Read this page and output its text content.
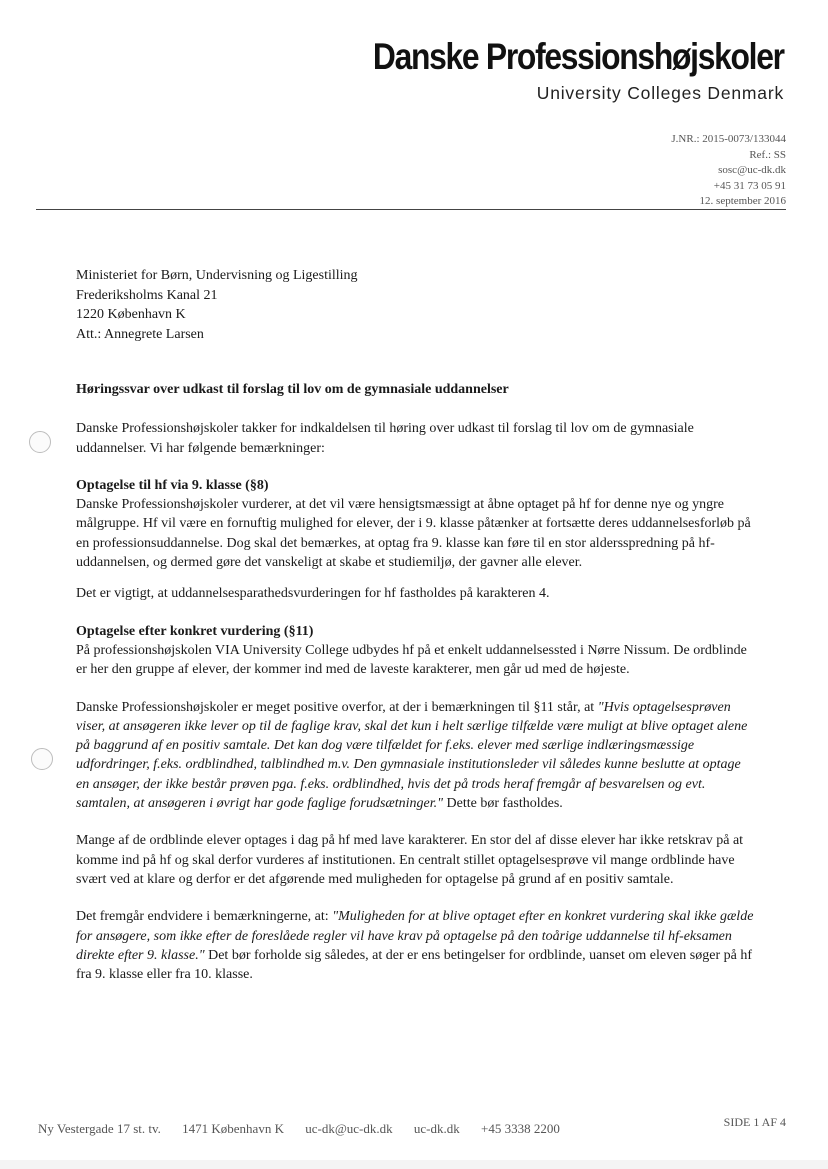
Danske Professionshøjskoler
University Colleges Denmark
J.NR.: 2015-0073/133044
Ref.: SS
sosc@uc-dk.dk
+45 31 73 05 91
12. september 2016
Ministeriet for Børn, Undervisning og Ligestilling
Frederiksholms Kanal 21
1220 København K
Att.: Annegrete Larsen

Høringssvar over udkast til forslag til lov om de gymnasiale uddannelser

Danske Professionshøjskoler takker for indkaldelsen til høring over udkast til forslag til lov om de gymnasiale uddannelser. Vi har følgende bemærkninger:

Optagelse til hf via 9. klasse (§8)

Danske Professionshøjskoler vurderer, at det vil være hensigtsmæssigt at åbne optaget på hf for denne nye og yngre målgruppe. Hf vil være en fornuftig mulighed for elever, der i 9. klasse påtænker at fortsætte deres uddannelsesforløb på en professionsuddannelse. Dog skal det bemærkes, at optag fra 9. klasse kan føre til en stor aldersspredning på hf-uddannelsen, og dermed gøre det vanskeligt at skabe et studiemiljø, der gavner alle elever.

Det er vigtigt, at uddannelsesparathedsvurderingen for hf fastholdes på karakteren 4.

Optagelse efter konkret vurdering (§11)

På professionshøjskolen VIA University College udbydes hf på et enkelt uddannelsessted i Nørre Nissum. De ordblinde er her den gruppe af elever, der kommer ind med de laveste karakterer, men går ud med de højeste.

Danske Professionshøjskoler er meget positive overfor, at der i bemærkningen til §11 står, at "Hvis optagelsesprøven viser, at ansøgeren ikke lever op til de faglige krav, skal det kun i helt særlige tilfælde være muligt at blive optaget alene på baggrund af en positiv samtale. Det kan dog være tilfældet for f.eks. elever med særlige indlæringsmæssige udfordringer, f.eks. ordblindhed, talblindhed m.v. Den gymnasiale institutionsleder vil således kunne beslutte at optage en ansøger, der ikke består prøven pga. f.eks. ordblindhed, hvis det på trods heraf fremgår af besvarelsen og evt. samtalen, at ansøgeren i øvrigt har gode faglige forudsætninger." Dette bør fastholdes.

Mange af de ordblinde elever optages i dag på hf med lave karakterer. En stor del af disse elever har ikke retskrav på at komme ind på hf og skal derfor vurderes af institutionen. En centralt stillet optagelsesprøve vil mange ordblinde have svært ved at klare og derfor er det afgørende med muligheden for optagelse på grund af en positiv samtale.

Det fremgår endvidere i bemærkningerne, at: "Muligheden for at blive optaget efter en konkret vurdering skal ikke gælde for ansøgere, som ikke efter de foreslåede regler vil have krav på optagelse på den toårige uddannelse til hf-eksamen direkte efter 9. klasse." Det bør forholde sig således, at der er ens betingelser for ordblinde, uanset om eleven søger på hf fra 9. klasse eller fra 10. klasse.

Ny Vestergade 17 st. tv. 1471 København K uc-dk@uc-dk.dk uc-dk.dk +45 3338 2200	SIDE 1 AF 4
